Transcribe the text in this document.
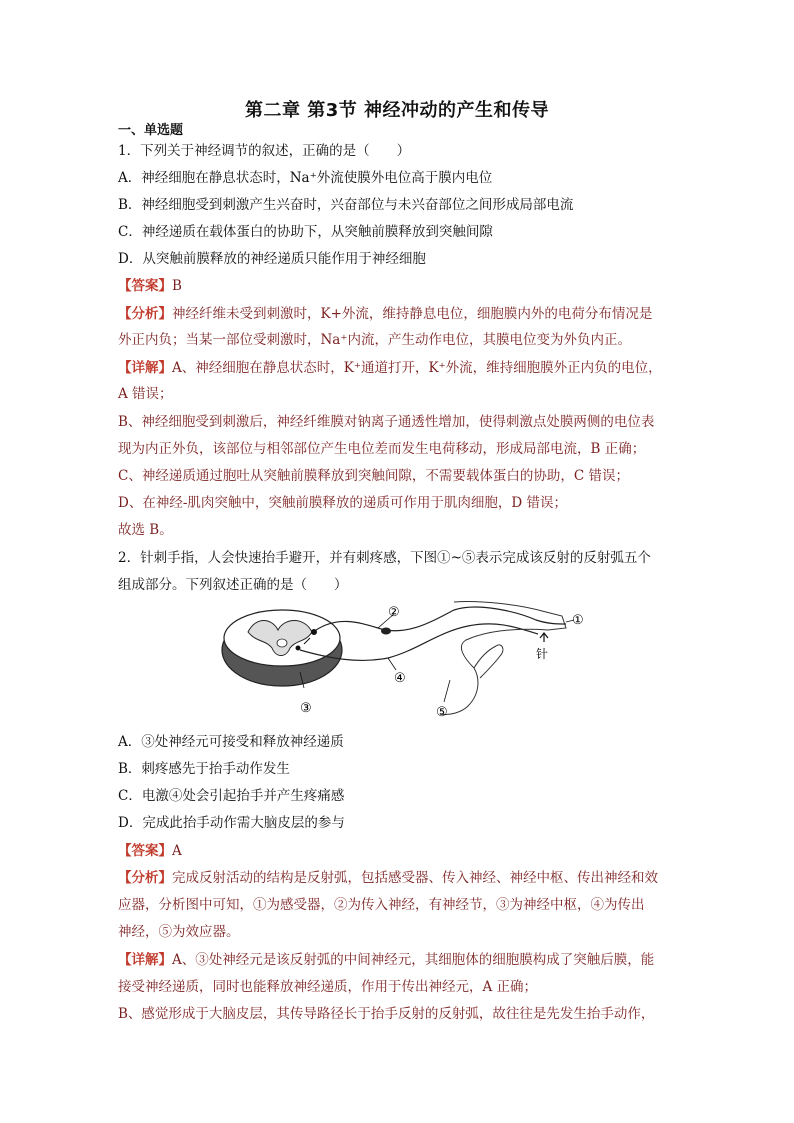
第二章 第3节 神经冲动的产生和传导
一、单选题
1．下列关于神经调节的叙述，正确的是（　　）
A．神经细胞在静息状态时，Na⁺外流使膜外电位高于膜内电位
B．神经细胞受到刺激产生兴奋时，兴奋部位与未兴奋部位之间形成局部电流
C．神经递质在载体蛋白的协助下，从突触前膜释放到突触间隙
D．从突触前膜释放的神经递质只能作用于神经细胞
【答案】B
【分析】神经纤维未受到刺激时，K+外流，维持静息电位，细胞膜内外的电荷分布情况是
外正内负；当某一部位受刺激时，Na⁺内流，产生动作电位，其膜电位变为外负内正。
【详解】A、神经细胞在静息状态时，K⁺通道打开，K⁺外流，维持细胞膜外正内负的电位，
A 错误；
B、神经细胞受到刺激后，神经纤维膜对钠离子通透性增加，使得刺激点处膜两侧的电位表
现为内正外负，该部位与相邻部位产生电位差而发生电荷移动，形成局部电流，B 正确；
C、神经递质通过胞吐从突触前膜释放到突触间隙，不需要载体蛋白的协助，C 错误；
D、在神经-肌肉突触中，突触前膜释放的递质可作用于肌肉细胞，D 错误；
故选 B。
2．针刺手指，人会快速抬手避开，并有刺疼感，下图①~⑤表示完成该反射的反射弧五个
组成部分。下列叙述正确的是（　　）
①
②
③
④
⑤
针
A．③处神经元可接受和释放神经递质
B．刺疼感先于抬手动作发生
C．电激④处会引起抬手并产生疼痛感
D．完成此抬手动作需大脑皮层的参与
【答案】A
【分析】完成反射活动的结构是反射弧，包括感受器、传入神经、神经中枢、传出神经和效
应器，分析图中可知，①为感受器，②为传入神经，有神经节，③为神经中枢，④为传出
神经，⑤为效应器。
【详解】A、③处神经元是该反射弧的中间神经元，其细胞体的细胞膜构成了突触后膜，能
接受神经递质，同时也能释放神经递质，作用于传出神经元，A 正确；
B、感觉形成于大脑皮层，其传导路径长于抬手反射的反射弧，故往往是先发生抬手动作，
